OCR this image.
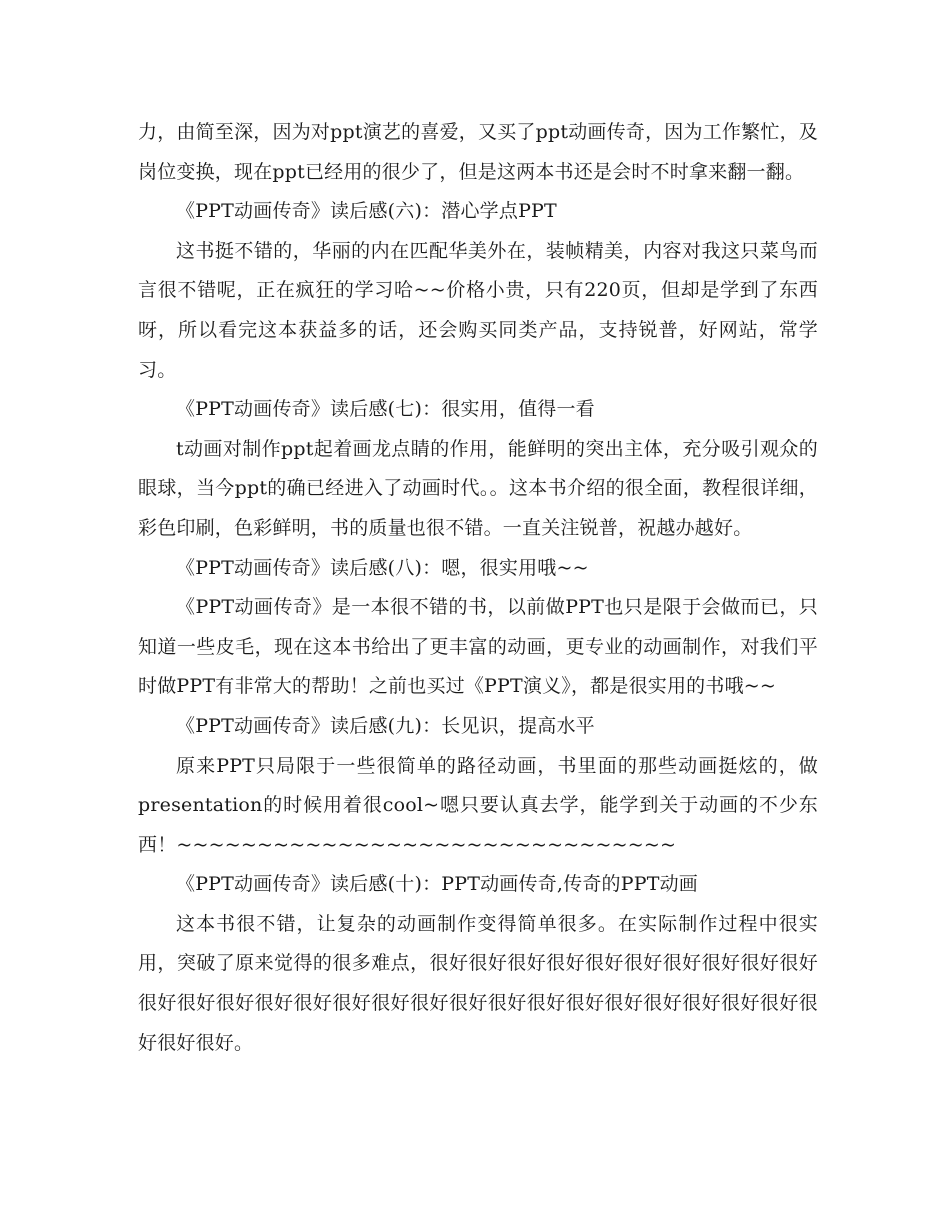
力，由简至深，因为对ppt演艺的喜爱，又买了ppt动画传奇，因为工作繁忙，及岗位变换，现在ppt已经用的很少了，但是这两本书还是会时不时拿来翻一翻。

《PPT动画传奇》读后感(六)：潜心学点PPT

这书挺不错的，华丽的内在匹配华美外在，装帧精美，内容对我这只菜鸟而言很不错呢，正在疯狂的学习哈~~价格小贵，只有220页，但却是学到了东西呀，所以看完这本获益多的话，还会购买同类产品，支持锐普，好网站，常学习。

《PPT动画传奇》读后感(七)：很实用，值得一看

t动画对制作ppt起着画龙点睛的作用，能鲜明的突出主体，充分吸引观众的眼球，当今ppt的确已经进入了动画时代。。这本书介绍的很全面，教程很详细，彩色印刷，色彩鲜明，书的质量也很不错。一直关注锐普，祝越办越好。

《PPT动画传奇》读后感(八)：嗯，很实用哦~~

《PPT动画传奇》是一本很不错的书，以前做PPT也只是限于会做而已，只知道一些皮毛，现在这本书给出了更丰富的动画，更专业的动画制作，对我们平时做PPT有非常大的帮助！之前也买过《PPT演义》，都是很实用的书哦~~

《PPT动画传奇》读后感(九)：长见识，提高水平

原来PPT只局限于一些很简单的路径动画，书里面的那些动画挺炫的，做presentation的时候用着很cool~嗯只要认真去学，能学到关于动画的不少东西！~~~~~~~~~~~~~~~~~~~~~~~~~~~~~~~

《PPT动画传奇》读后感(十)：PPT动画传奇,传奇的PPT动画

这本书很不错，让复杂的动画制作变得简单很多。在实际制作过程中很实用，突破了原来觉得的很多难点，很好很好很好很好很好很好很好很好很好很好很好很好很好很好很好很好很好很好很好很好很好很好很好很好很好很好很好很好很好很好。
